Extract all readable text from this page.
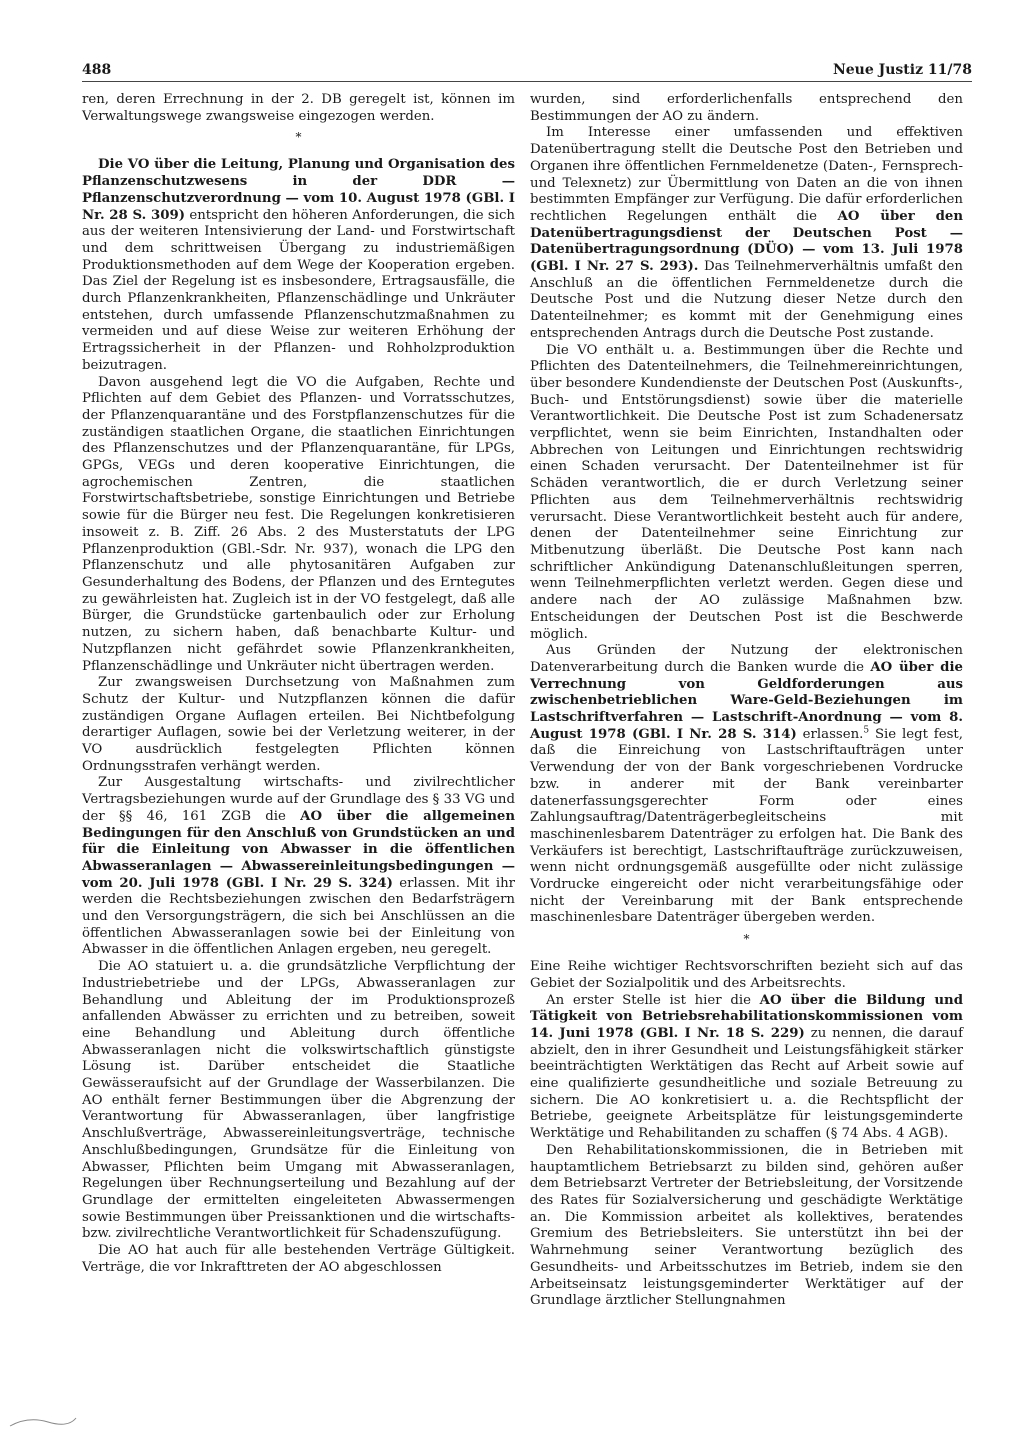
488	Neue Justiz 11/78

ren, deren Errechnung in der 2. DB geregelt ist, können im Verwaltungswege zwangsweise eingezogen werden.

*

Die VO über die Leitung, Planung und Organisation des Pflanzenschutzwesens in der DDR — Pflanzenschutzverordnung — vom 10. August 1978 (GBl. I Nr. 28 S. 309) entspricht den höheren Anforderungen, die sich aus der weiteren Intensivierung der Land- und Forstwirtschaft und dem schrittweisen Übergang zu industriemäßigen Produktionsmethoden auf dem Wege der Kooperation ergeben. Das Ziel der Regelung ist es insbesondere, Ertragsausfälle, die durch Pflanzenkrankheiten, Pflanzenschädlinge und Unkräuter entstehen, durch umfassende Pflanzenschutzmaßnahmen zu vermeiden und auf diese Weise zur weiteren Erhöhung der Ertragssicherheit in der Pflanzen- und Rohholzproduktion beizutragen.

Davon ausgehend legt die VO die Aufgaben, Rechte und Pflichten auf dem Gebiet des Pflanzen- und Vorratsschutzes, der Pflanzenquarantäne und des Forstpflanzenschutzes für die zuständigen staatlichen Organe, die staatlichen Einrichtungen des Pflanzenschutzes und der Pflanzenquarantäne, für LPGs, GPGs, VEGs und deren kooperative Einrichtungen, die agrochemischen Zentren, die staatlichen Forstwirtschaftsbetriebe, sonstige Einrichtungen und Betriebe sowie für die Bürger neu fest. Die Regelungen konkretisieren insoweit z. B. Ziff. 26 Abs. 2 des Musterstatuts der LPG Pflanzenproduktion (GBl.-Sdr. Nr. 937), wonach die LPG den Pflanzenschutz und alle phytosanitären Aufgaben zur Gesunderhaltung des Bodens, der Pflanzen und des Erntegutes zu gewährleisten hat. Zugleich ist in der VO festgelegt, daß alle Bürger, die Grundstücke gartenbaulich oder zur Erholung nutzen, zu sichern haben, daß benachbarte Kultur- und Nutzpflanzen nicht gefährdet sowie Pflanzenkrankheiten, Pflanzenschädlinge und Unkräuter nicht übertragen werden.

Zur zwangsweisen Durchsetzung von Maßnahmen zum Schutz der Kultur- und Nutzpflanzen können die dafür zuständigen Organe Auflagen erteilen. Bei Nichtbefolgung derartiger Auflagen, sowie bei der Verletzung weiterer, in der VO ausdrücklich festgelegten Pflichten können Ordnungsstrafen verhängt werden.

Zur Ausgestaltung wirtschafts- und zivilrechtlicher Vertragsbeziehungen wurde auf der Grundlage des § 33 VG und der §§ 46, 161 ZGB die AO über die allgemeinen Bedingungen für den Anschluß von Grundstücken an und für die Einleitung von Abwasser in die öffentlichen Abwasseranlagen — Abwassereinleitungsbedingungen — vom 20. Juli 1978 (GBl. I Nr. 29 S. 324) erlassen. Mit ihr werden die Rechtsbeziehungen zwischen den Bedarfsträgern und den Versorgungsträgern, die sich bei Anschlüssen an die öffentlichen Abwasseranlagen sowie bei der Einleitung von Abwasser in die öffentlichen Anlagen ergeben, neu geregelt.

Die AO statuiert u. a. die grundsätzliche Verpflichtung der Industriebetriebe und der LPGs, Abwasseranlagen zur Behandlung und Ableitung der im Produktionsprozeß anfallenden Abwässer zu errichten und zu betreiben, soweit eine Behandlung und Ableitung durch öffentliche Abwasseranlagen nicht die volkswirtschaftlich günstigste Lösung ist. Darüber entscheidet die Staatliche Gewässeraufsicht auf der Grundlage der Wasserbilanzen. Die AO enthält ferner Bestimmungen über die Abgrenzung der Verantwortung für Abwasseranlagen, über langfristige Anschlußverträge, Abwassereinleitungsverträge, technische Anschlußbedingungen, Grundsätze für die Einleitung von Abwasser, Pflichten beim Umgang mit Abwasseranlagen, Regelungen über Rechnungserteilung und Bezahlung auf der Grundlage der ermittelten eingeleiteten Abwassermengen sowie Bestimmungen über Preissanktionen und die wirtschafts- bzw. zivilrechtliche Verantwortlichkeit für Schadenszufügung.

Die AO hat auch für alle bestehenden Verträge Gültigkeit. Verträge, die vor Inkrafttreten der AO abgeschlossen

wurden, sind erforderlichenfalls entsprechend den Bestimmungen der AO zu ändern.

Im Interesse einer umfassenden und effektiven Datenübertragung stellt die Deutsche Post den Betrieben und Organen ihre öffentlichen Fernmeldenetze (Daten-, Fernsprech- und Telexnetz) zur Übermittlung von Daten an die von ihnen bestimmten Empfänger zur Verfügung. Die dafür erforderlichen rechtlichen Regelungen enthält die AO über den Datenübertragungsdienst der Deutschen Post — Datenübertragungsordnung (DÜO) — vom 13. Juli 1978 (GBl. I Nr. 27 S. 293). Das Teilnehmerverhältnis umfaßt den Anschluß an die öffentlichen Fernmeldenetze durch die Deutsche Post und die Nutzung dieser Netze durch den Datenteilnehmer; es kommt mit der Genehmigung eines entsprechenden Antrags durch die Deutsche Post zustande.

Die VO enthält u. a. Bestimmungen über die Rechte und Pflichten des Datenteilnehmers, die Teilnehmereinrichtungen, über besondere Kundendienste der Deutschen Post (Auskunfts-, Buch- und Entstörungsdienst) sowie über die materielle Verantwortlichkeit. Die Deutsche Post ist zum Schadenersatz verpflichtet, wenn sie beim Einrichten, Instandhalten oder Abbrechen von Leitungen und Einrichtungen rechtswidrig einen Schaden verursacht. Der Datenteilnehmer ist für Schäden verantwortlich, die er durch Verletzung seiner Pflichten aus dem Teilnehmerverhältnis rechtswidrig verursacht. Diese Verantwortlichkeit besteht auch für andere, denen der Datenteilnehmer seine Einrichtung zur Mitbenutzung überläßt. Die Deutsche Post kann nach schriftlicher Ankündigung Datenanschlußleitungen sperren, wenn Teilnehmerpflichten verletzt werden. Gegen diese und andere nach der AO zulässige Maßnahmen bzw. Entscheidungen der Deutschen Post ist die Beschwerde möglich.

Aus Gründen der Nutzung der elektronischen Datenverarbeitung durch die Banken wurde die AO über die Verrechnung von Geldforderungen aus zwischenbetrieblichen Ware-Geld-Beziehungen im Lastschriftverfahren — Lastschrift-Anordnung — vom 8. August 1978 (GBl. I Nr. 28 S. 314) erlassen.$^5$ Sie legt fest, daß die Einreichung von Lastschriftaufträgen unter Verwendung der von der Bank vorgeschriebenen Vordrucke bzw. in anderer mit der Bank vereinbarter datenerfassungsgerechter Form oder eines Zahlungsauftrag/Datenträgerbegleitscheins mit maschinenlesbarem Datenträger zu erfolgen hat. Die Bank des Verkäufers ist berechtigt, Lastschriftaufträge zurückzuweisen, wenn nicht ordnungsgemäß ausgefüllte oder nicht zulässige Vordrucke eingereicht oder nicht verarbeitungsfähige oder nicht der Vereinbarung mit der Bank entsprechende maschinenlesbare Datenträger übergeben werden.

*

Eine Reihe wichtiger Rechtsvorschriften bezieht sich auf das Gebiet der Sozialpolitik und des Arbeitsrechts.

An erster Stelle ist hier die AO über die Bildung und Tätigkeit von Betriebsrehabilitationskommissionen vom 14. Juni 1978 (GBl. I Nr. 18 S. 229) zu nennen, die darauf abzielt, den in ihrer Gesundheit und Leistungsfähigkeit stärker beeinträchtigten Werktätigen das Recht auf Arbeit sowie auf eine qualifizierte gesundheitliche und soziale Betreuung zu sichern. Die AO konkretisiert u. a. die Rechtspflicht der Betriebe, geeignete Arbeitsplätze für leistungsgeminderte Werktätige und Rehabilitanden zu schaffen (§ 74 Abs. 4 AGB).

Den Rehabilitationskommissionen, die in Betrieben mit hauptamtlichem Betriebsarzt zu bilden sind, gehören außer dem Betriebsarzt Vertreter der Betriebsleitung, der Vorsitzende des Rates für Sozialversicherung und geschädigte Werktätige an. Die Kommission arbeitet als kollektives, beratendes Gremium des Betriebsleiters. Sie unterstützt ihn bei der Wahrnehmung seiner Verantwortung bezüglich des Gesundheits- und Arbeitsschutzes im Betrieb, indem sie den Arbeitseinsatz leistungsgeminderter Werktätiger auf der Grundlage ärztlicher Stellungnahmen
